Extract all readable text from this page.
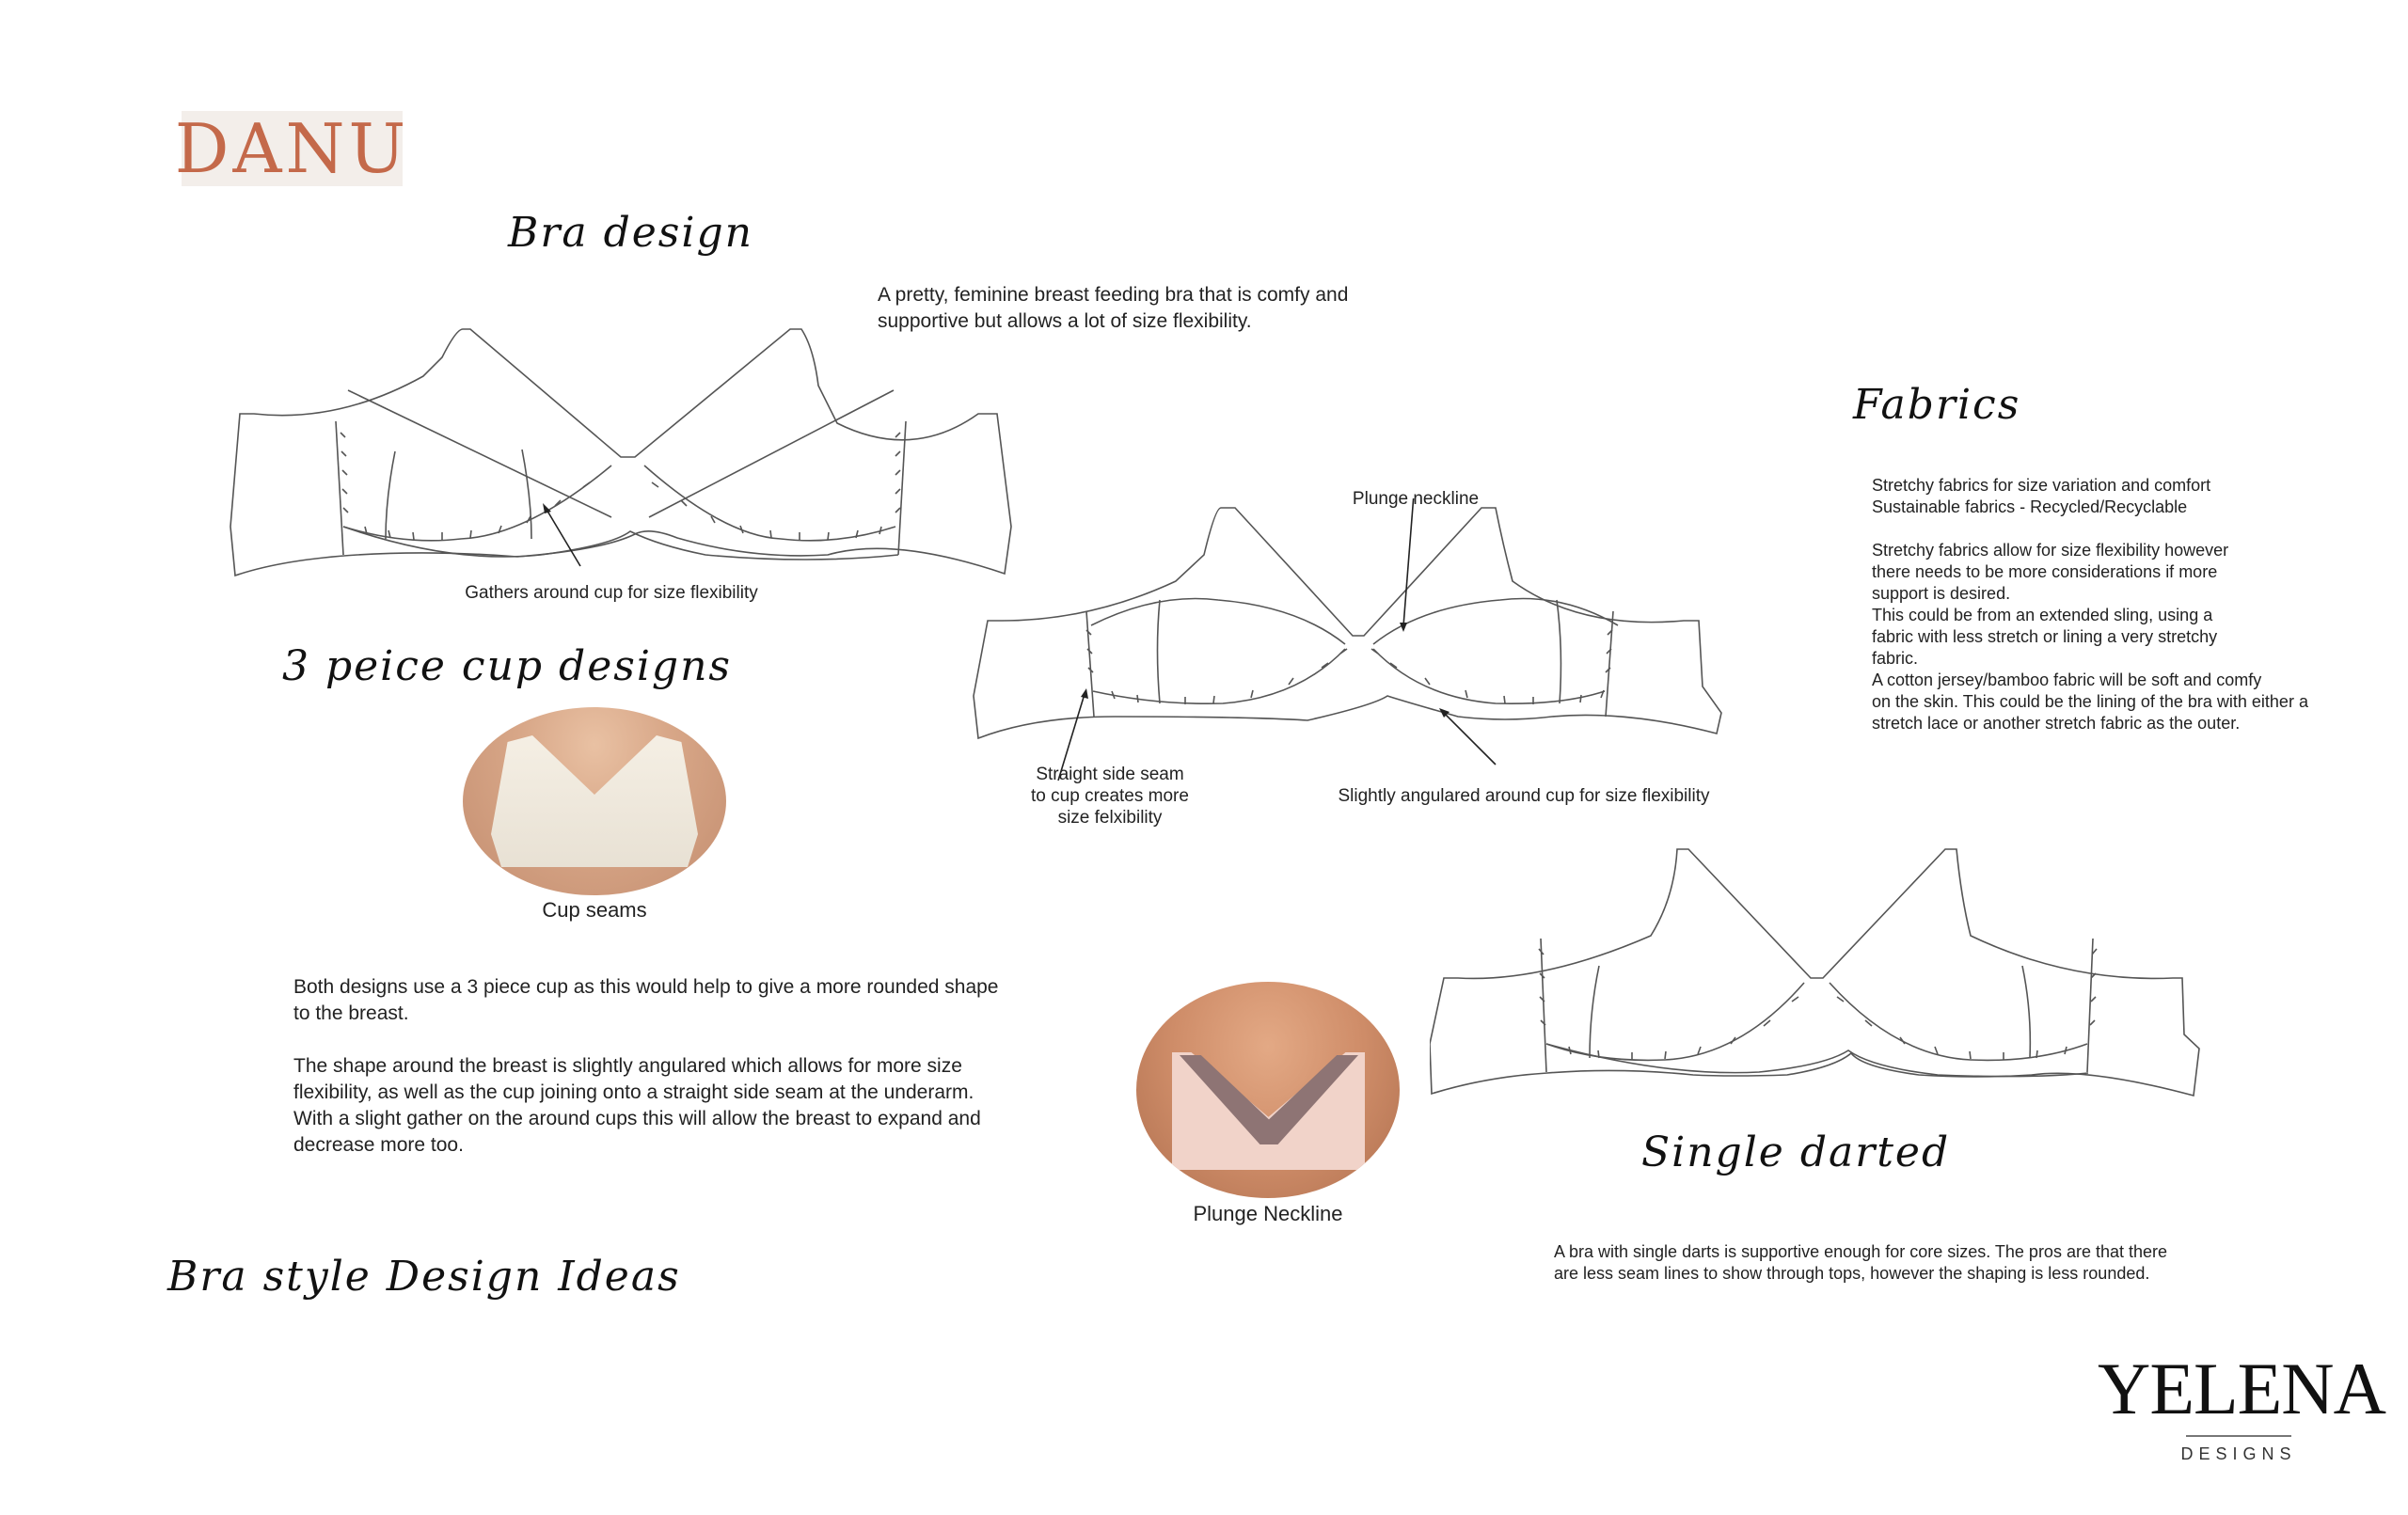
DANU
Bra design
A pretty, feminine breast feeding bra that is comfy and supportive but allows a lot of size flexibility.
Gathers around cup for size flexibility
3 peice cup designs
Cup seams
Both designs use a 3 piece cup as this would help to give a more rounded shape to the breast.
The shape around the breast is slightly angulared which allows for more size flexibility, as well as the cup joining onto a straight side seam at the underarm. With a slight gather on the around cups this will allow the breast to expand and decrease more too.
Bra style Design Ideas
Plunge neckline
Straight side seam
to cup creates more
size felxibility
Slightly angulared around cup for size flexibility
Plunge Neckline
Fabrics
Stretchy fabrics for size variation and comfort
Sustainable fabrics - Recycled/Recyclable
Stretchy fabrics allow for size flexibility however
there needs to be more considerations if more
support is desired.
This could be from an extended sling, using a
fabric with less stretch or lining a very stretchy
fabric.
A cotton jersey/bamboo fabric will be soft and comfy
on the skin. This could be the lining of the bra with either a
stretch lace or another stretch fabric as the outer.
Single darted
A bra with single darts is supportive enough for core sizes. The pros are that there
are less seam lines to show through tops, however the shaping is less rounded.
YELENA
DESIGNS
